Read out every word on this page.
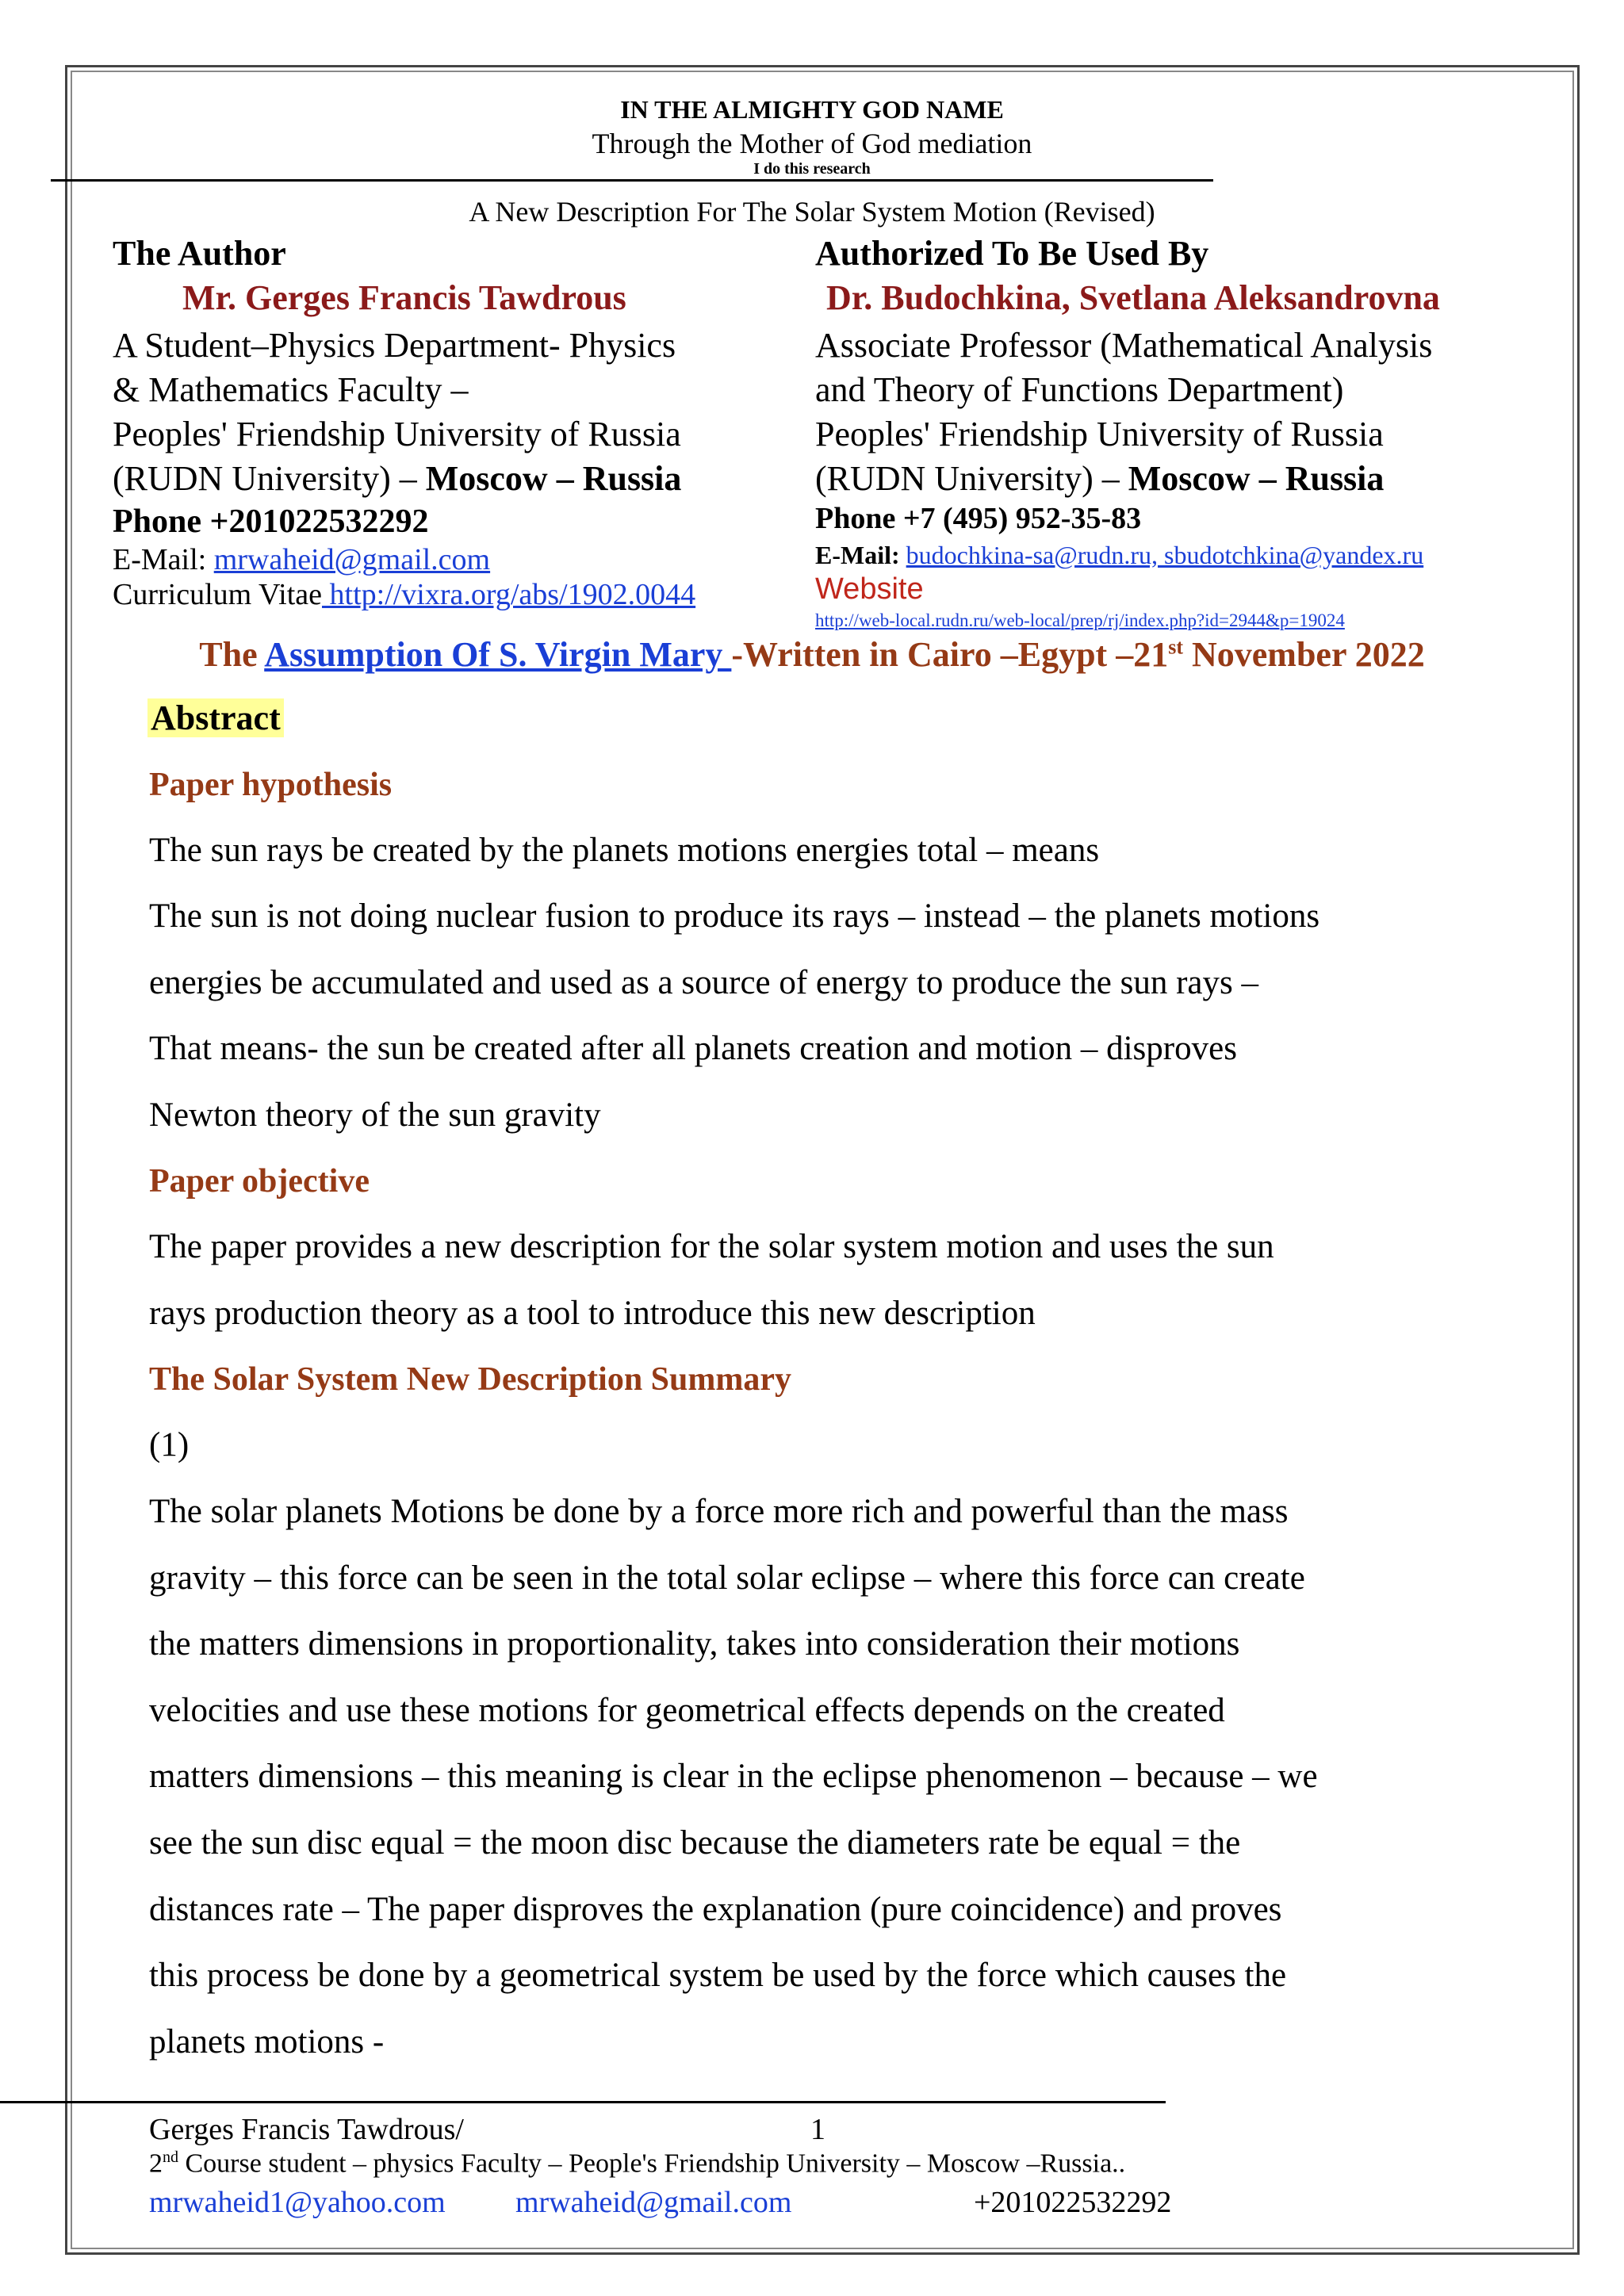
IN THE ALMIGHTY GOD NAME
Through the Mother of God mediation
I do this research
A New Description For The Solar System Motion (Revised)
The Author
Mr. Gerges Francis Tawdrous
A Student–Physics Department- Physics
& Mathematics Faculty –
Peoples' Friendship University of Russia
(RUDN University) – Moscow – Russia
Phone +201022532292
E-Mail: mrwaheid@gmail.com
Curriculum Vitae http://vixra.org/abs/1902.0044
Authorized To Be Used By
Dr. Budochkina, Svetlana Aleksandrovna
Associate Professor (Mathematical Analysis
and Theory of Functions Department)
Peoples' Friendship University of Russia
(RUDN University) – Moscow – Russia
Phone +7 (495) 952-35-83
E-Mail: budochkina-sa@rudn.ru, sbudotchkina@yandex.ru
Website
http://web-local.rudn.ru/web-local/prep/rj/index.php?id=2944&p=19024
The Assumption Of S. Virgin Mary -Written in Cairo –Egypt –21st November 2022
Abstract
Paper hypothesis
The sun rays be created by the planets motions energies total – means
The sun is not doing nuclear fusion to produce its rays – instead – the planets motions
energies be accumulated and used as a source of energy to produce the sun rays –
That means- the sun be created after all planets creation and motion – disproves
Newton theory of the sun gravity
Paper objective
The paper provides a new description for the solar system motion and uses the sun
rays production theory as a tool to introduce this new description
The Solar System New Description Summary
(1)
The solar planets Motions be done by a force more rich and powerful than the mass
gravity – this force can be seen in the total solar eclipse – where this force can create
the matters dimensions in proportionality, takes into consideration their motions
velocities and use these motions for geometrical effects depends on the created
matters dimensions – this meaning is clear in the eclipse phenomenon – because – we
see the sun disc equal = the moon disc because the diameters rate be equal = the
distances rate – The paper disproves the explanation (pure coincidence) and proves
this process be done by a geometrical system be used by the force which causes the
planets motions -
Gerges Francis Tawdrous/	1
2nd Course student – physics Faculty – People's Friendship University – Moscow –Russia..
mrwaheid1@yahoo.com mrwaheid@gmail.com	+201022532292
